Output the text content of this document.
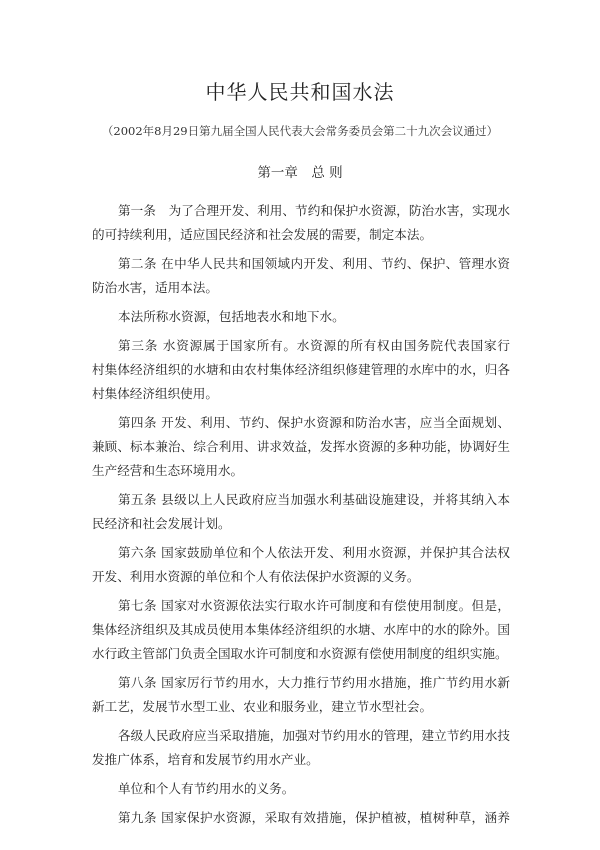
中华人民共和国水法
（2002年8月29日第九届全国人民代表大会常务委员会第二十九次会议通过）
第一章　总 则
第一条　为了合理开发、利用、节约和保护水资源，防治水害，实现水
的可持续利用，适应国民经济和社会发展的需要，制定本法。
第二条 在中华人民共和国领域内开发、利用、节约、保护、管理水资
防治水害，适用本法。
本法所称水资源，包括地表水和地下水。
第三条 水资源属于国家所有。水资源的所有权由国务院代表国家行
村集体经济组织的水塘和由农村集体经济组织修建管理的水库中的水，归各
村集体经济组织使用。
第四条 开发、利用、节约、保护水资源和防治水害，应当全面规划、
兼顾、标本兼治、综合利用、讲求效益，发挥水资源的多种功能，协调好生
生产经营和生态环境用水。
第五条 县级以上人民政府应当加强水利基础设施建设，并将其纳入本
民经济和社会发展计划。
第六条 国家鼓励单位和个人依法开发、利用水资源，并保护其合法权
开发、利用水资源的单位和个人有依法保护水资源的义务。
第七条 国家对水资源依法实行取水许可制度和有偿使用制度。但是，
集体经济组织及其成员使用本集体经济组织的水塘、水库中的水的除外。国
水行政主管部门负责全国取水许可制度和水资源有偿使用制度的组织实施。
第八条 国家厉行节约用水，大力推行节约用水措施，推广节约用水新
新工艺，发展节水型工业、农业和服务业，建立节水型社会。
各级人民政府应当采取措施，加强对节约用水的管理，建立节约用水技
发推广体系，培育和发展节约用水产业。
单位和个人有节约用水的义务。
第九条 国家保护水资源，采取有效措施，保护植被，植树种草，涵养
